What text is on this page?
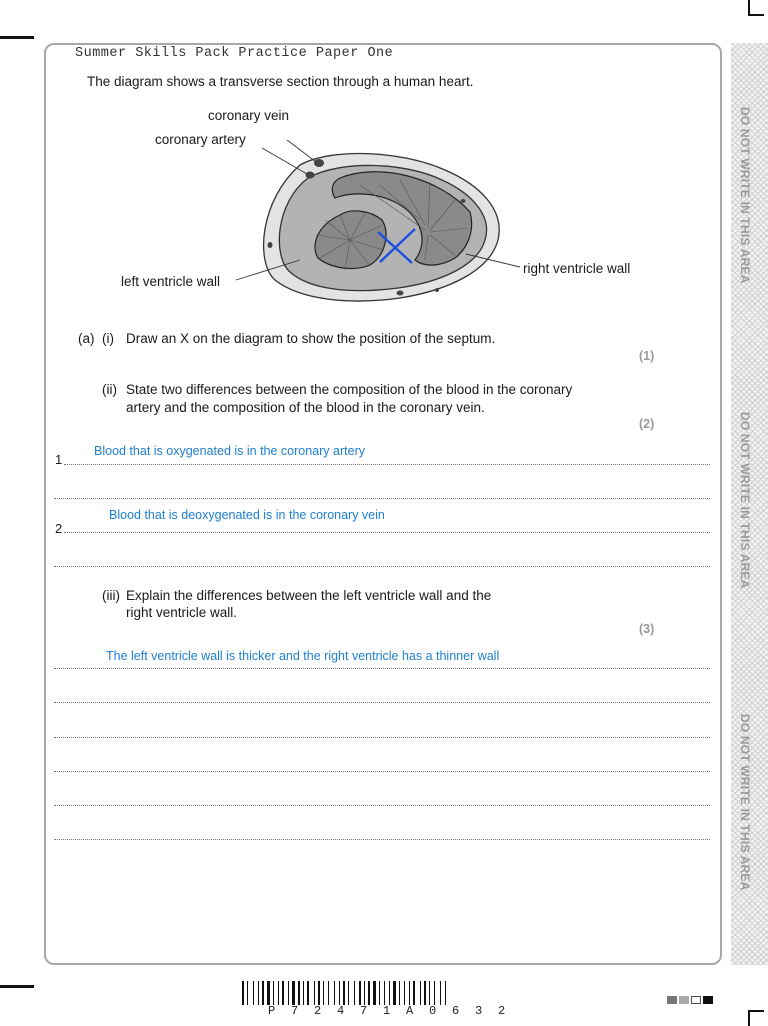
DO NOT WRITE IN THIS AREA
DO NOT WRITE IN THIS AREA
DO NOT WRITE IN THIS AREA
Summer Skills Pack Practice Paper One
The diagram shows a transverse section through a human heart.
coronary vein
coronary artery
left ventricle wall
right ventricle wall
(a) (i) Draw an X on the diagram to show the position of the septum.
(1)
(ii) State two differences between the composition of the blood in the coronary
artery and the composition of the blood in the coronary vein.
(2)
1
Blood that is oxygenated is in the coronary artery
2
Blood that is deoxygenated is in the coronary vein
(iii) Explain the differences between the left ventricle wall and the
right ventricle wall.
(3)
The left ventricle wall is thicker and the right ventricle has a thinner wall
P72471A0632
